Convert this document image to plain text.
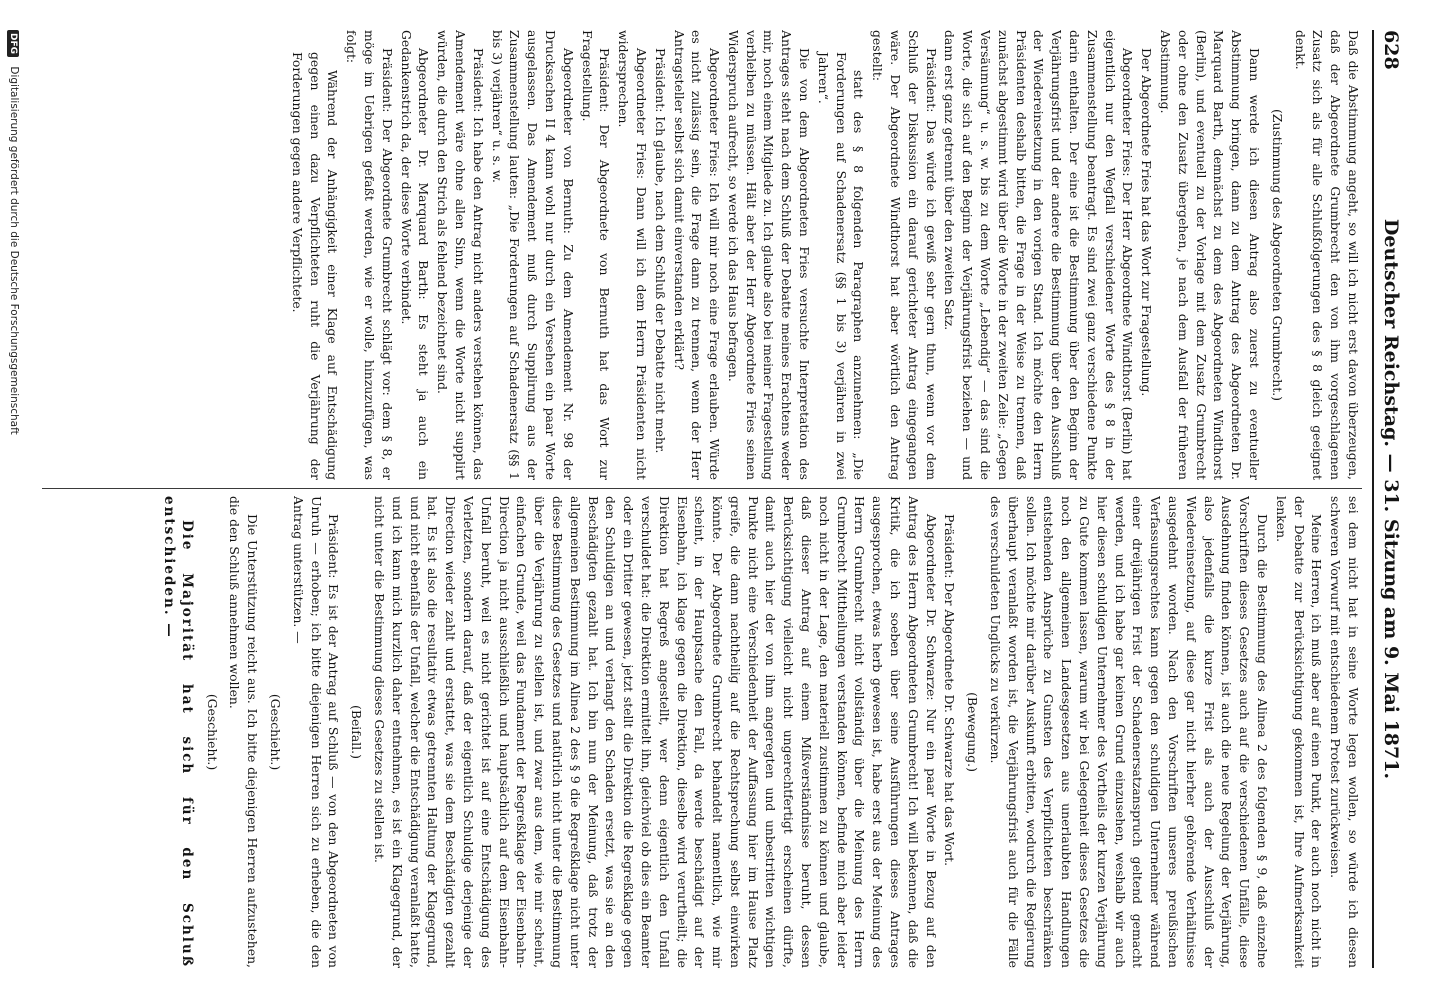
628
Deutscher Reichstag. — 31. Sitzung am 9. Mai 1871.

Daß die Abstimmung angeht, so will ich nicht erst davon überzeugen, daß der Abgeordnete Grumbrecht den von ihm vorgeschlagenen Zusatz sich als für alle Schlußfolgerungen des § 8 gleich geeignet denkt.

(Zustimmung des Abgeordneten Grumbrecht.)

Dann werde ich diesen Antrag also zuerst zu eventueller Abstimmung bringen, dann zu dem Antrag des Abgeordneten Dr. Marquard Barth, demnächst zu dem des Abgeordneten Windthorst (Berlin), und eventuell zu der Vorlage mit dem Zusatz Grumbrecht oder ohne den Zusatz übergehen, je nach dem Ausfall der früheren Abstimmung.

Der Abgeordnete Fries hat das Wort zur Fragestellung.

Abgeordneter Fries: Der Herr Abgeordnete Windthorst (Berlin) hat eigentlich nur den Wegfall verschiedener Worte des § 8 in der Zusammenstellung beantragt. Es sind zwei ganz verschiedene Punkte darin enthalten. Der eine ist die Bestimmung über den Beginn der Verjährungsfrist und der andere die Bestimmung über den Ausschluß der Wiedereinsetzung in den vorigen Stand. Ich möchte den Herrn Präsidenten deshalb bitten, die Frage in der Weise zu trennen, daß zunächst abgestimmt wird über die Worte in der zweiten Zeile: „Gegen Versäumung“ u. s. w. bis zu dem Worte „Lebendig“ — das sind die Worte, die sich auf den Beginn der Verjährungsfrist beziehen — und dann erst ganz getrennt über den zweiten Satz.

Präsident: Das würde ich gewiß sehr gern thun, wenn vor dem Schluß der Diskussion ein darauf gerichteter Antrag eingegangen wäre. Der Abgeordnete Windthorst hat aber wörtlich den Antrag gestellt:

statt des § 8 folgenden Paragraphen anzunehmen: „Die Forderungen auf Schadenersatz (§§ 1 bis 3) verjähren in zwei Jahren“.

Die von dem Abgeordneten Fries versuchte Interpretation des Antrages steht nach dem Schluß der Debatte meines Erachtens weder mir, noch einem Mitgliede zu. Ich glaube also bei meiner Fragestellung verbleiben zu müssen. Hält aber der Herr Abgeordnete Fries seinen Widerspruch aufrecht, so werde ich das Haus befragen.

Abgeordneter Fries: Ich will mir noch eine Frage erlauben. Würde es nicht zulässig sein, die Frage dann zu trennen, wenn der Herr Antragsteller selbst sich damit einverstanden erklärt?

Präsident: Ich glaube, nach dem Schluß der Debatte nicht mehr.

Abgeordneter Fries: Dann will ich dem Herrn Präsidenten nicht widersprechen.

Präsident: Der Abgeordnete von Bernuth hat das Wort zur Fragestellung.

Abgeordneter von Bernuth: Zu dem Amendement Nr. 98 der Drucksachen II 4 kann wohl nur durch ein Versehen ein paar Worte ausgelassen. Das Amendement muß durch Supplirung aus der Zusammenstellung lauten: „Die Forderungen auf Schadenersatz (§§ 1 bis 3) verjähren“ u. s. w.

Präsident: Ich habe den Antrag nicht anders verstehen können, das Amendement wäre ohne allen Sinn, wenn die Worte nicht supplirt würden, die durch den Strich als fehlend bezeichnet sind.

Abgeordneter Dr. Marquard Barth: Es steht ja auch ein Gedankenstrich da, der diese Worte verbindet.

Präsident: Der Abgeordnete Grumbrecht schlägt vor: dem § 8, er möge im Uebrigen gefaßt werden, wie er wolle, hinzuzufügen, was folgt:

Während der Anhängigkeit einer Klage auf Entschädigung gegen einen dazu Verpflichteten ruht die Verjährung der Forderungen gegen andere Verpflichtete.

sei dem nicht hat in seine Worte legen wollen, so würde ich diesen schweren Vorwurf mit entschiedenem Protest zurückweisen.

Meine Herren, ich muß aber auf einen Punkt, der auch noch nicht in der Debatte zur Berücksichtigung gekommen ist, Ihre Aufmerksamkeit lenken.

Durch die Bestimmung des Alinea 2 des folgenden § 9, daß einzelne Vorschriften dieses Gesetzes auch auf die verschiedenen Unfälle, diese Ausdehnung finden können, ist auch die neue Regelung der Verjährung, also jedenfalls die kurze Frist als auch der Ausschluß der Wiedereinsetzung, auf diese gar nicht hierher gehörende Verhältnisse ausgedehnt worden. Nach den Vorschriften unseres preußischen Verfassungsrechtes kann gegen den schuldigen Unternehmer während einer dreijährigen Frist der Schadenersatzanspruch geltend gemacht werden, und ich habe gar keinen Grund einzusehen, weshalb wir auch hier diesen schuldigen Unternehmer des Vortheils der kurzen Verjährung zu Gute kommen lassen, warum wir bei Gelegenheit dieses Gesetzes die noch den allgemeinen Landesgesetzen aus unerlaubten Handlungen entstehenden Ansprüche zu Gunsten des Verpflichteten beschränken sollen. Ich möchte mir darüber Auskunft erbitten, wodurch die Regierung überhaupt veranlaßt worden ist, die Verjährungsfrist auch für die Fälle des verschuldeten Unglücks zu verkürzen.

(Bewegung.)

Präsident: Der Abgeordnete Dr. Schwarze hat das Wort.

Abgeordneter Dr. Schwarze: Nur ein paar Worte in Bezug auf den Antrag des Herrn Abgeordneten Grumbrecht! Ich will bekennen, daß die Kritik, die ich soeben über seine Ausführungen dieses Antrages ausgesprochen, etwas herb gewesen ist, habe erst aus der Meinung des Herrn Grumbrecht nicht vollständig über die Meinung des Herrn Grumbrecht Mittheilungen verstanden können, befinde mich aber leider noch nicht in der Lage, den materiell zustimmen zu können und glaube, daß dieser Antrag auf einem Mißverständnisse beruht, dessen Berücksichtigung vielleicht nicht ungerechtfertigt erscheinen dürfte, damit auch hier der von ihm angeregten und unbestritten wichtigen Punkte nicht eine Verschiedenheit der Auffassung hier im Hause Platz greife, die dann nachtheilig auf die Rechtsprechung selbst einwirken könnte. Der Abgeordnete Grumbrecht behandelt namentlich, wie mir scheint, in der Hauptsache den Fall, da werde beschädigt auf der Eisenbahn, ich klage gegen die Direktion, dieselbe wird verurtheilt; die Direktion hat Regreß angestellt, wer denn eigentlich den Unfall verschuldet hat: die Direktion ermittelt ihn, gleichviel ob dies ein Beamter oder ein Dritter gewesen, jetzt stellt die Direktion die Regreßklage gegen den Schuldigen an und verlangt den Schaden ersetzt, was sie an den Beschädigten gezahlt hat. Ich bin nun der Meinung, daß trotz der allgemeinen Bestimmung im Alinea 2 des § 9 die Regreßklage nicht unter diese Bestimmung des Gesetzes und natürlich nicht unter die Bestimmung über die Verjährung zu stellen ist, und zwar aus dem, wie mir scheint, einfachen Grunde, weil das Fundament der Regreßklage der Eisenbahn-Direction ja nicht ausschließlich und hauptsächlich auf dem Eisenbahn-Unfall beruht, weil es nicht gerichtet ist auf eine Entschädigung des Verletzten, sondern darauf, daß der eigentlich Schuldige derjenige der Direction wieder zahlt und erstattet, was sie dem Beschädigten gezahlt hat. Es ist also die resultativ etwas getrennten Haltung der Klagegrund, und nicht ebenfalls der Unfall, welcher die Entschädigung veranlaßt hatte, und ich kann mich kurzlich daher entnehmen, es ist ein Klagegrund, der nicht unter die Bestimmung dieses Gesetzes zu stellen ist.

(Beifall.)

Präsident: Es ist der Antrag auf Schluß — von den Abgeordneten von Unruh — erhoben; ich bitte diejenigen Herren sich zu erheben, die den Antrag unterstützen. —

(Geschieht.)

Die Unterstützung reicht aus. Ich bitte diejenigen Herren aufzustehen, die den Schluß annehmen wollen.

(Geschieht.)

Die Majorität hat sich für den Schluß entschieden. —

DFG Digitalisierung gefördert durch die Deutsche Forschungsgemeinschaft
